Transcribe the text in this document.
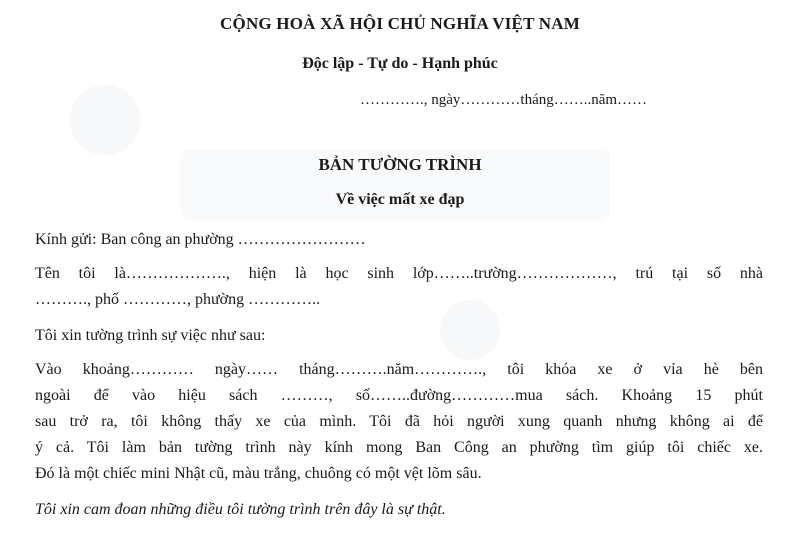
CỘNG HOÀ XÃ HỘI CHỦ NGHĨA VIỆT NAM
Độc lập - Tự do - Hạnh phúc
…………., ngày…………tháng……..năm……
BẢN TƯỜNG TRÌNH
Về việc mất xe đạp
Kính gửi: Ban công an phường ……………………
Tên tôi là………………., hiện là học sinh lớp……..trường………………, trú tại số nhà
………., phố …………, phường …………..
Tôi xin tường trình sự việc như sau:
Vào khoảng………… ngày…… tháng……….năm…………., tôi khóa xe ở vỉa hè bên
ngoài để vào hiệu sách ………, số……..đường…………mua sách. Khoảng 15 phút
sau trở ra, tôi không thấy xe của mình. Tôi đã hỏi người xung quanh nhưng không ai để
ý cả. Tôi làm bản tường trình này kính mong Ban Công an phường tìm giúp tôi chiếc xe.
Đó là một chiếc mini Nhật cũ, màu trắng, chuông có một vệt lõm sâu.
Tôi xin cam đoan những điều tôi tường trình trên đây là sự thật.
